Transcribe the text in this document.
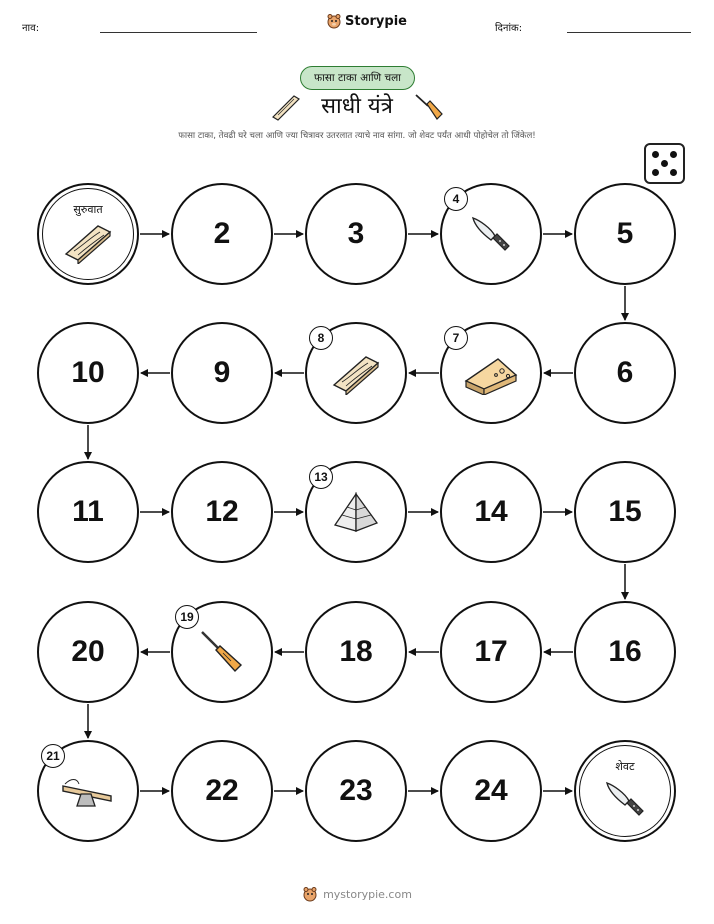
नाव:	Storypie	दिनांक:
फासा टाका आणि चला
साधी यंत्रे
फासा टाका, तेवढी घरे चला आणि ज्या चित्रावर उतरलात त्याचे नाव सांगा. जो शेवट पर्यंत आधी पोहोचेल तो जिंकेल!
सुरुवात
2	3
4
5
6
7
8
9
10
11	12
13
14	15
16
17
18
19
20
21
22	23	24
शेवट
mystorypie.com
